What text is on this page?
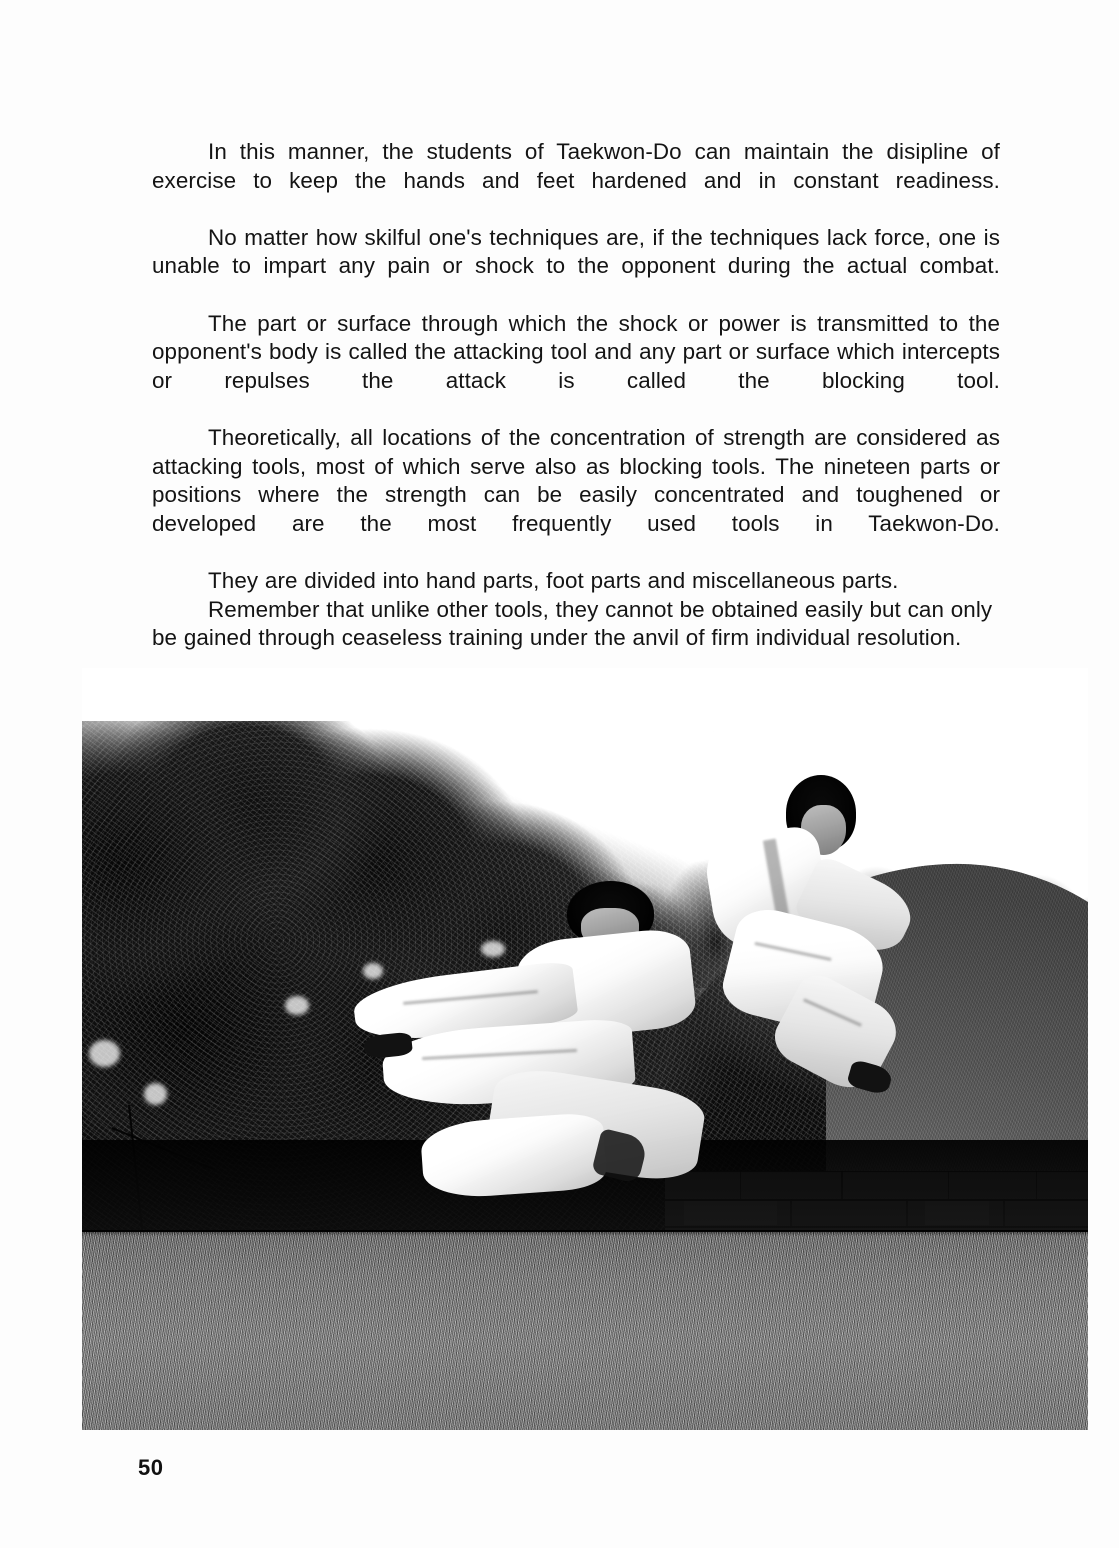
In this manner, the students of Taekwon-Do can maintain the disipline of exercise to keep the hands and feet hardened and in constant readiness.

No matter how skilful one's techniques are, if the techniques lack force, one is unable to impart any pain or shock to the opponent during the actual combat.

The part or surface through which the shock or power is transmitted to the opponent's body is called the attacking tool and any part or surface which intercepts or repulses the attack is called the blocking tool.

Theoretically, all locations of the concentration of strength are considered as attacking tools, most of which serve also as blocking tools. The nineteen parts or positions where the strength can be easily concentrated and toughened or developed are the most frequently used tools in Taekwon-Do.

They are divided into hand parts, foot parts and miscellaneous parts.

Remember that unlike other tools, they cannot be obtained easily but can only be gained through ceaseless training under the anvil of firm individual resolution.

50
